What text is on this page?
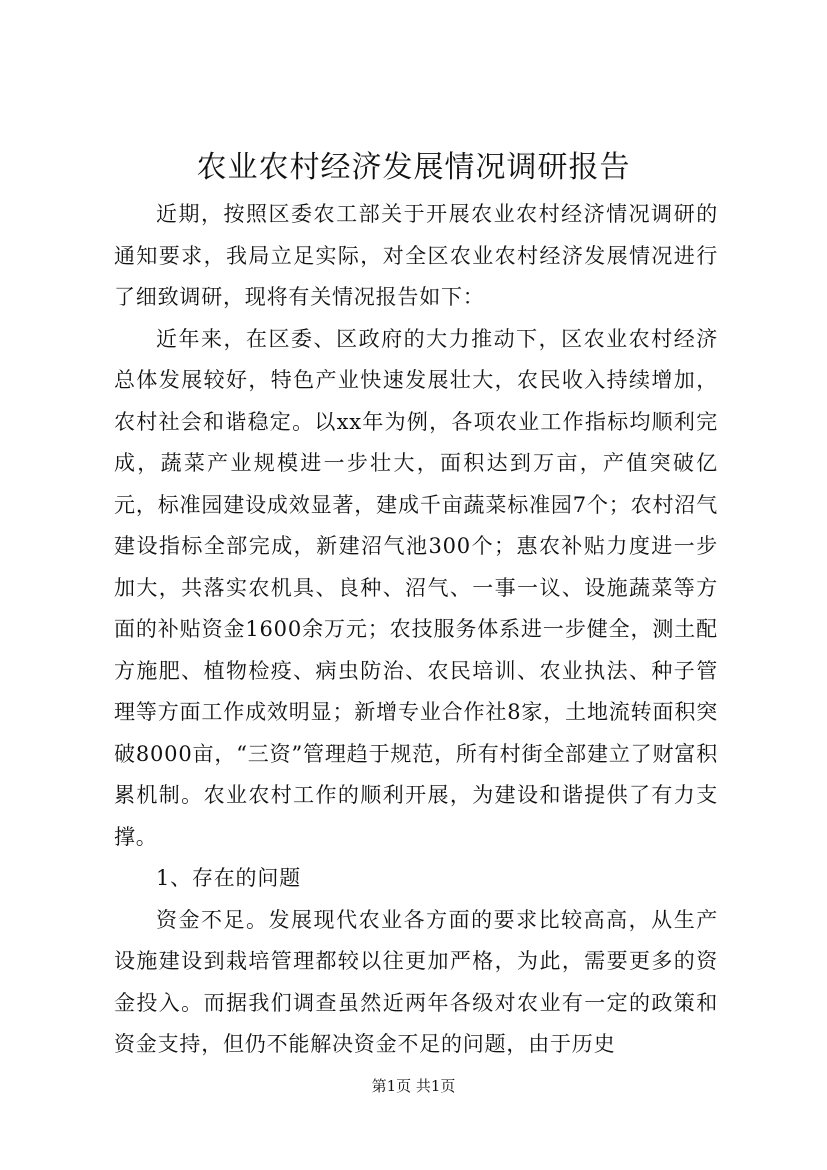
农业农村经济发展情况调研报告

近期，按照区委农工部关于开展农业农村经济情况调研的通知要求，我局立足实际，对全区农业农村经济发展情况进行了细致调研，现将有关情况报告如下：

近年来，在区委、区政府的大力推动下，区农业农村经济总体发展较好，特色产业快速发展壮大，农民收入持续增加，农村社会和谐稳定。以xx年为例，各项农业工作指标均顺利完成，蔬菜产业规模进一步壮大，面积达到万亩，产值突破亿元，标准园建设成效显著，建成千亩蔬菜标准园7个；农村沼气建设指标全部完成，新建沼气池300个；惠农补贴力度进一步加大，共落实农机具、良种、沼气、一事一议、设施蔬菜等方面的补贴资金1600余万元；农技服务体系进一步健全，测土配方施肥、植物检疫、病虫防治、农民培训、农业执法、种子管理等方面工作成效明显；新增专业合作社8家，土地流转面积突破8000亩，“三资”管理趋于规范，所有村街全部建立了财富积累机制。农业农村工作的顺利开展，为建设和谐提供了有力支撑。

1、存在的问题

资金不足。发展现代农业各方面的要求比较高高，从生产设施建设到栽培管理都较以往更加严格，为此，需要更多的资金投入。而据我们调查虽然近两年各级对农业有一定的政策和资金支持，但仍不能解决资金不足的问题，由于历史

第1页 共1页
